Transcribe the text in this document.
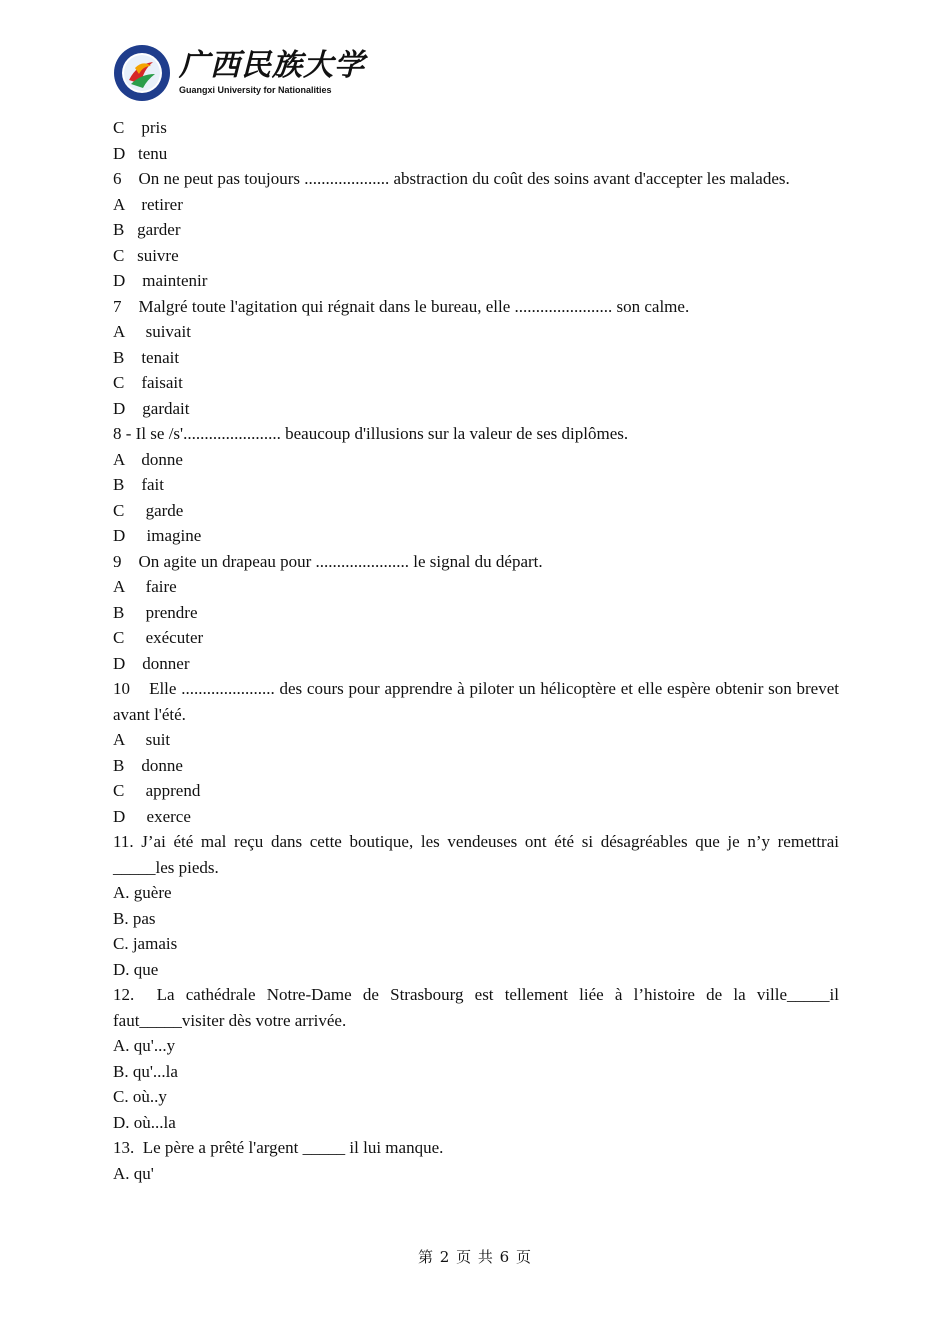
广西民族大学
Guangxi University for Nationalities
C    pris
D   tenu
6    On ne peut pas toujours .................... abstraction du coût des soins avant d'accepter les malades.
A    retirer
B   garder
C   suivre
D    maintenir
7    Malgré toute l'agitation qui régnait dans le bureau, elle ....................... son calme.
A     suivait
B    tenait
C    faisait
D    gardait
8 - Il se /s'....................... beaucoup d'illusions sur la valeur de ses diplômes.
A    donne
B    fait
C     garde
D     imagine
9    On agite un drapeau pour ...................... le signal du départ.
A     faire
B     prendre
C     exécuter
D    donner
10    Elle ...................... des cours pour apprendre à piloter un hélicoptère et elle espère obtenir son brevet avant l'été.
A     suit
B    donne
C     apprend
D     exerce
11. J’ai été mal reçu dans cette boutique, les vendeuses ont été si désagréables que je n’y remettrai _____les pieds.
A. guère
B. pas
C. jamais
D. que
12.  La cathédrale Notre-Dame de Strasbourg est tellement liée à l’histoire de la ville_____il faut_____visiter dès votre arrivée.
A. qu'...y
B. qu'...la
C. où..y
D. où...la
13.  Le père a prêté l'argent _____ il lui manque.
A. qu'
第 2 页 共 6 页
